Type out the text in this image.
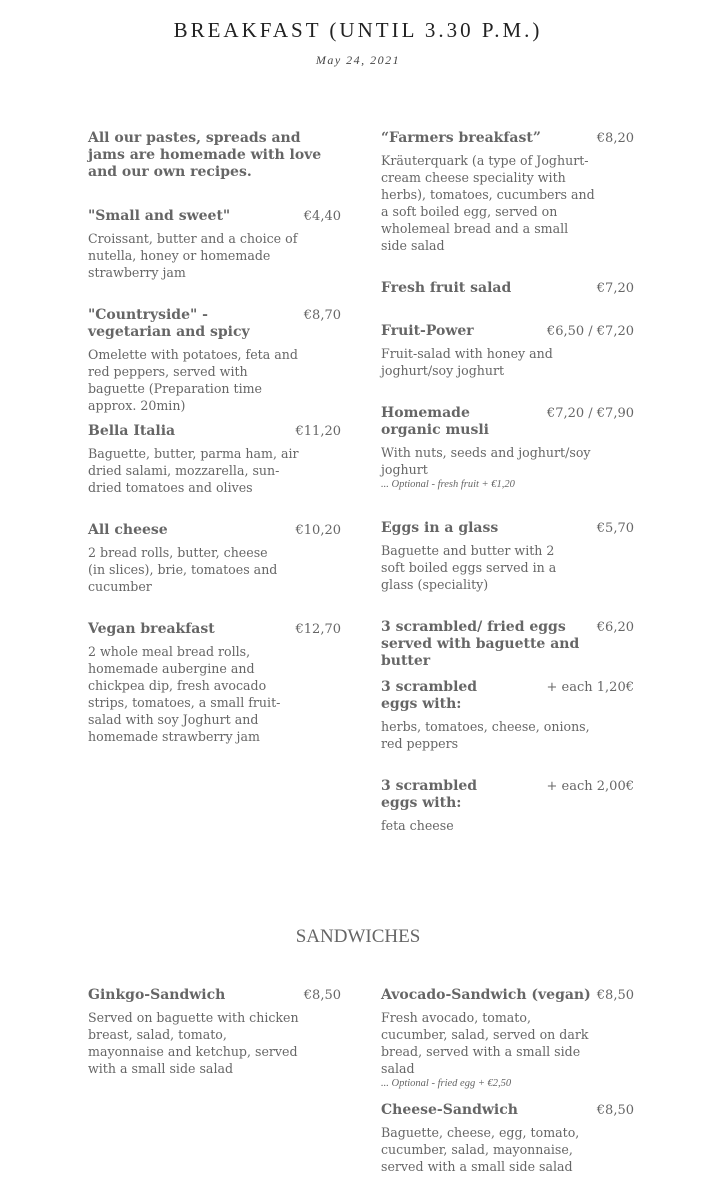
BREAKFAST (UNTIL 3.30 P.M.)
May 24, 2021
All our pastes, spreads and jams are homemade with love and our own recipes.
"Small and sweet"	€4,40
Croissant, butter and a choice of nutella, honey or homemade strawberry jam
"Countryside" - vegetarian and spicy
€8,70
Omelette with potatoes, feta and red peppers, served with baguette (Preparation time approx. 20min)
Bella Italia	€11,20
Baguette, butter, parma ham, air dried salami, mozzarella, sun-dried tomatoes and olives
All cheese	€10,20
2 bread rolls, butter, cheese (in slices), brie, tomatoes and cucumber
Vegan breakfast	€12,70
2 whole meal bread rolls, homemade aubergine and chickpea dip, fresh avocado strips, tomatoes, a small fruit-salad with soy Joghurt and homemade strawberry jam
“Farmers breakfast”	€8,20
Kräuterquark (a type of Joghurt-cream cheese speciality with herbs), tomatoes, cucumbers and a soft boiled egg, served on wholemeal bread and a small side salad
Fresh fruit salad	€7,20
Fruit-Power	€6,50 / €7,20
Fruit-salad with honey and joghurt/soy joghurt
Homemade organic musli
€7,20 / €7,90
With nuts, seeds and joghurt/soy joghurt
... Optional - fresh fruit + €1,20
Eggs in a glass	€5,70
Baguette and butter with 2 soft boiled eggs served in a glass (speciality)
3 scrambled/ fried eggs served with baguette and butter
€6,20
3 scrambled eggs with:
+ each 1,20€
herbs, tomatoes, cheese, onions, red peppers
3 scrambled eggs with:
+ each 2,00€
feta cheese
SANDWICHES
Ginkgo-Sandwich	€8,50
Served on baguette with chicken breast, salad, tomato, mayonnaise and ketchup, served with a small side salad
Avocado-Sandwich (vegan) €8,50
Fresh avocado, tomato, cucumber, salad, served on dark bread, served with a small side salad
... Optional - fried egg + €2,50
Cheese-Sandwich	€8,50
Baguette, cheese, egg, tomato, cucumber, salad, mayonnaise, served with a small side salad
